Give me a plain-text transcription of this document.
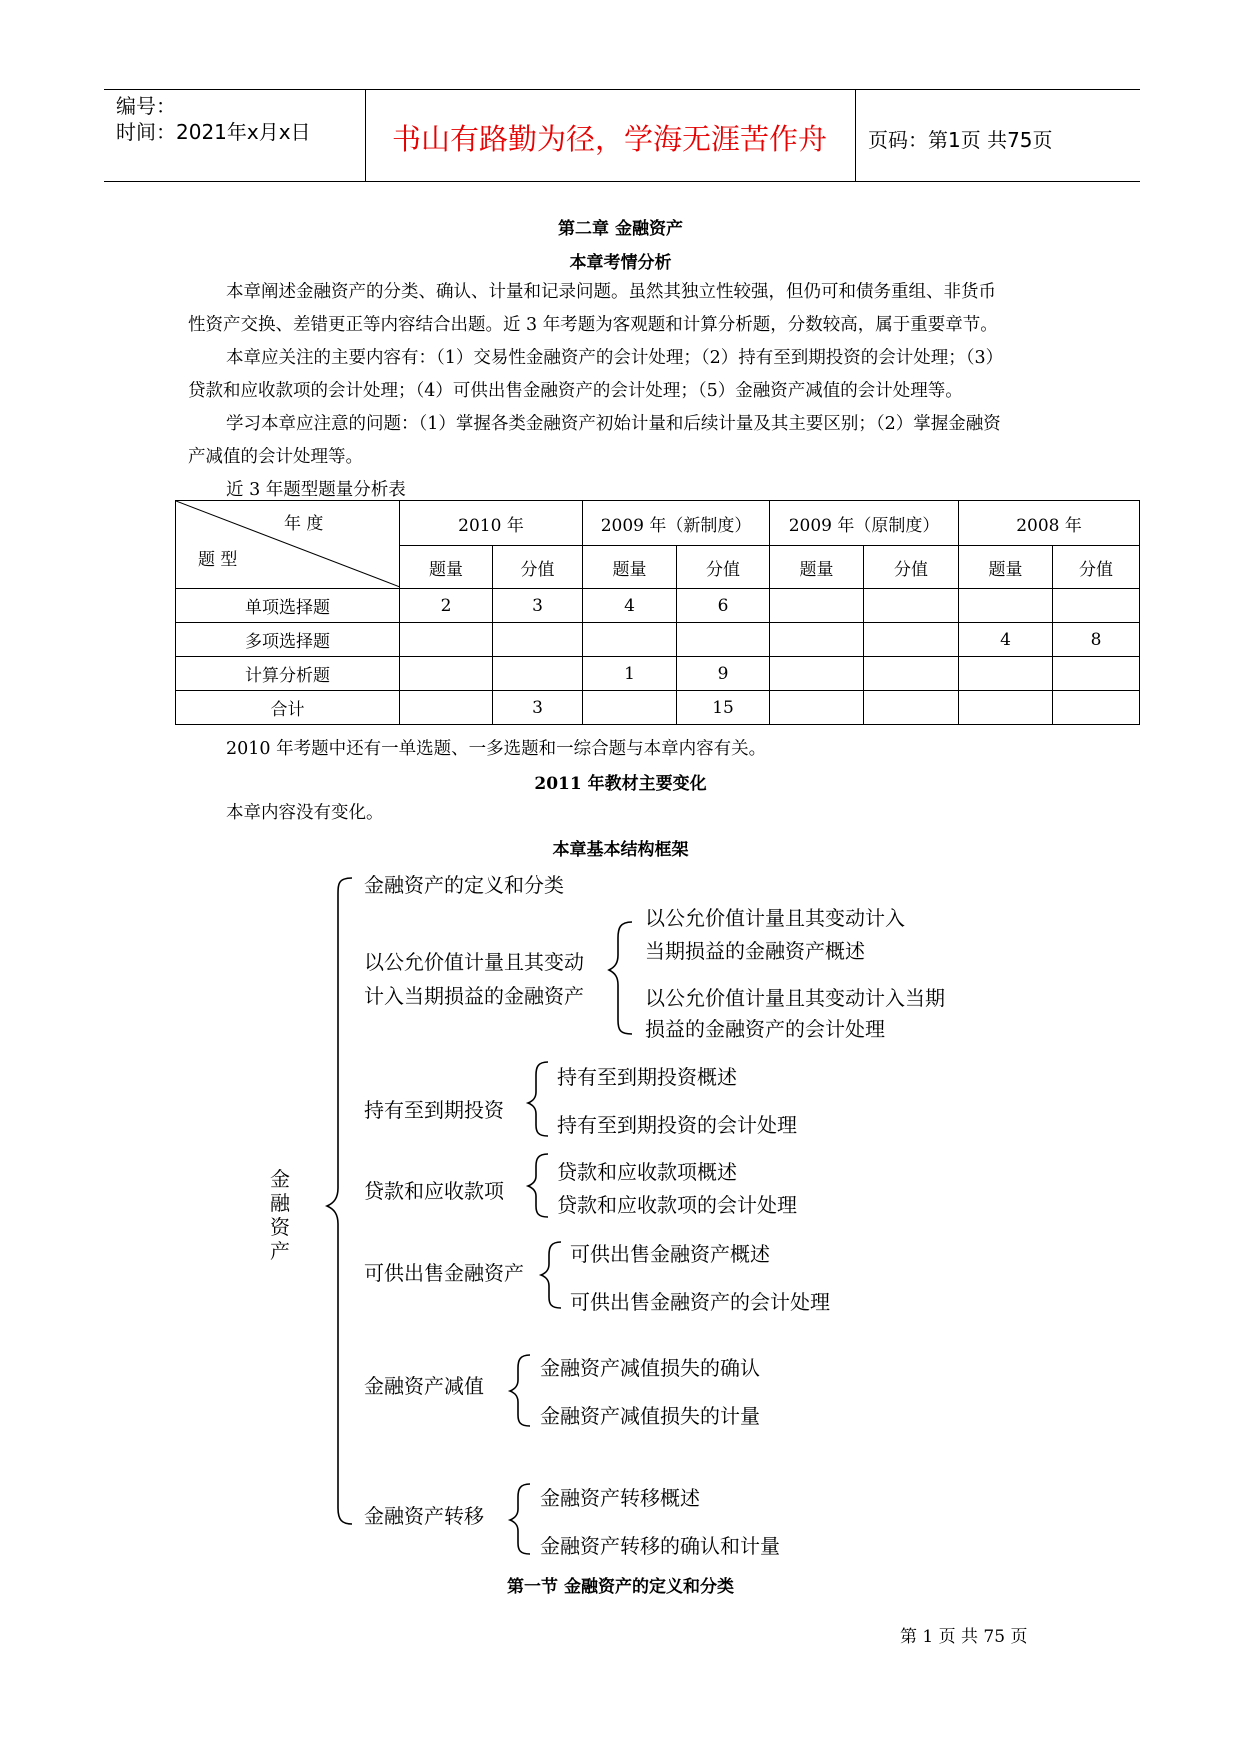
编号：
时间：2021年x月x日	书山有路勤为径，学海无涯苦作舟 页码：第1页 共75页
第二章 金融资产
本章考情分析
本章阐述金融资产的分类、确认、计量和记录问题。虽然其独立性较强，但仍可和债务重组、非货币
性资产交换、差错更正等内容结合出题。近 3 年考题为客观题和计算分析题，分数较高，属于重要章节。
本章应关注的主要内容有：（1）交易性金融资产的会计处理；（2）持有至到期投资的会计处理；（3）
贷款和应收款项的会计处理；（4）可供出售金融资产的会计处理；（5）金融资产减值的会计处理等。
学习本章应注意的问题：（1）掌握各类金融资产初始计量和后续计量及其主要区别；（2）掌握金融资
产减值的会计处理等。
近 3 年题型题量分析表
年 度
题 型	2010 年		2009 年（新制度）		2009 年（原制度）		2008 年	
	题量	分值	题量	分值	题量	分值	题量	分值
单项选择题	2	3	4	6				
多项选择题							4	8
计算分析题			1	9				
合计		3		15				
2010 年考题中还有一单选题、一多选题和一综合题与本章内容有关。
2011 年教材主要变化
本章内容没有变化。
本章基本结构框架
金
融
资
产
金融资产的定义和分类
以公允价值计量且其变动
计入当期损益的金融资产
以公允价值计量且其变动计入
当期损益的金融资产概述
以公允价值计量且其变动计入当期
损益的金融资产的会计处理
持有至到期投资
持有至到期投资概述
持有至到期投资的会计处理
贷款和应收款项
贷款和应收款项概述
贷款和应收款项的会计处理
可供出售金融资产
可供出售金融资产概述
可供出售金融资产的会计处理
金融资产减值
金融资产减值损失的确认
金融资产减值损失的计量
金融资产转移
金融资产转移概述
金融资产转移的确认和计量
第一节 金融资产的定义和分类
第 1 页 共 75 页
